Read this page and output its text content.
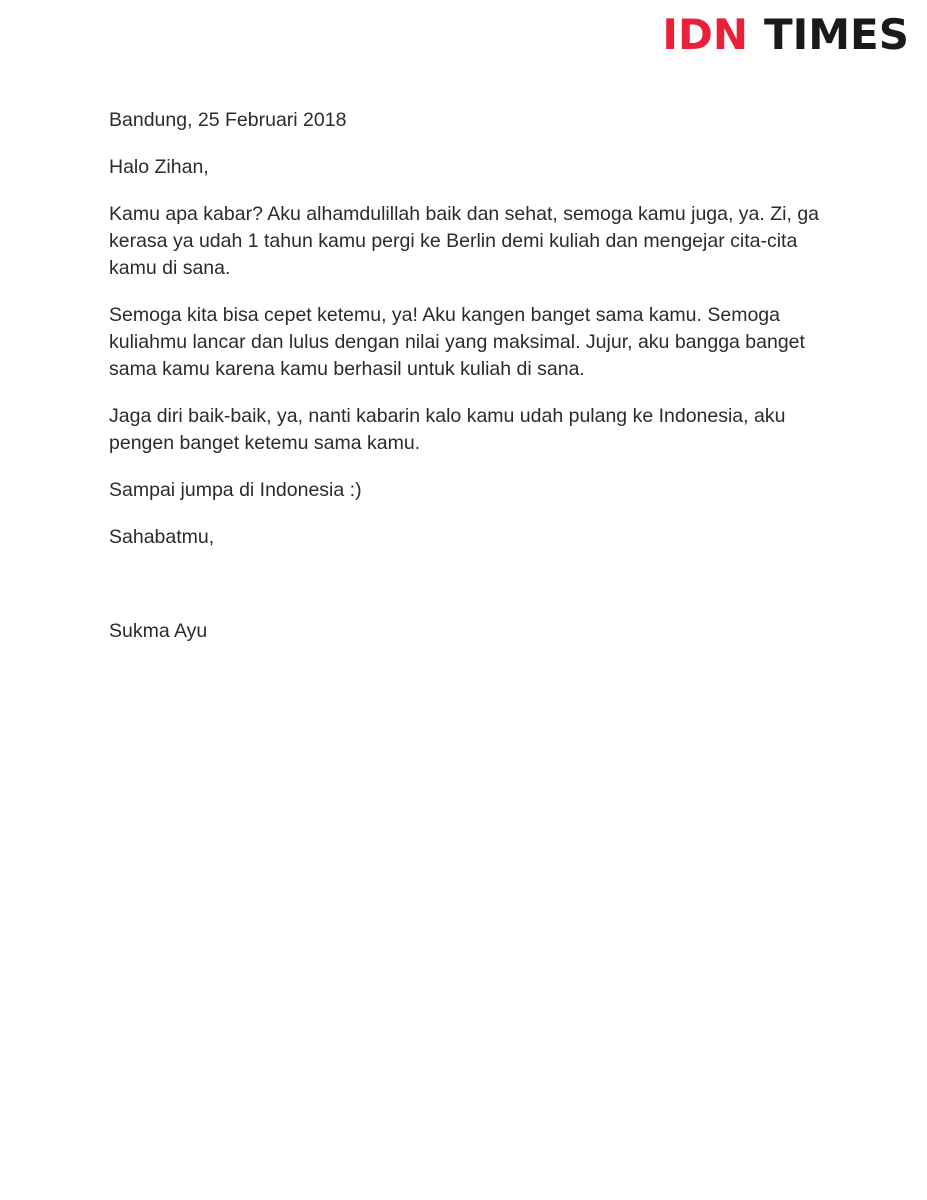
IDN TIMES

Bandung, 25 Februari 2018

Halo Zihan,

Kamu apa kabar? Aku alhamdulillah baik dan sehat, semoga kamu juga, ya. Zi, ga kerasa ya udah 1 tahun kamu pergi ke Berlin demi kuliah dan mengejar cita-cita kamu di sana.

Semoga kita bisa cepet ketemu, ya! Aku kangen banget sama kamu. Semoga kuliahmu lancar dan lulus dengan nilai yang maksimal. Jujur, aku bangga banget sama kamu karena kamu berhasil untuk kuliah di sana.

Jaga diri baik-baik, ya, nanti kabarin kalo kamu udah pulang ke Indonesia, aku pengen banget ketemu sama kamu.

Sampai jumpa di Indonesia :)

Sahabatmu,

Sukma Ayu
